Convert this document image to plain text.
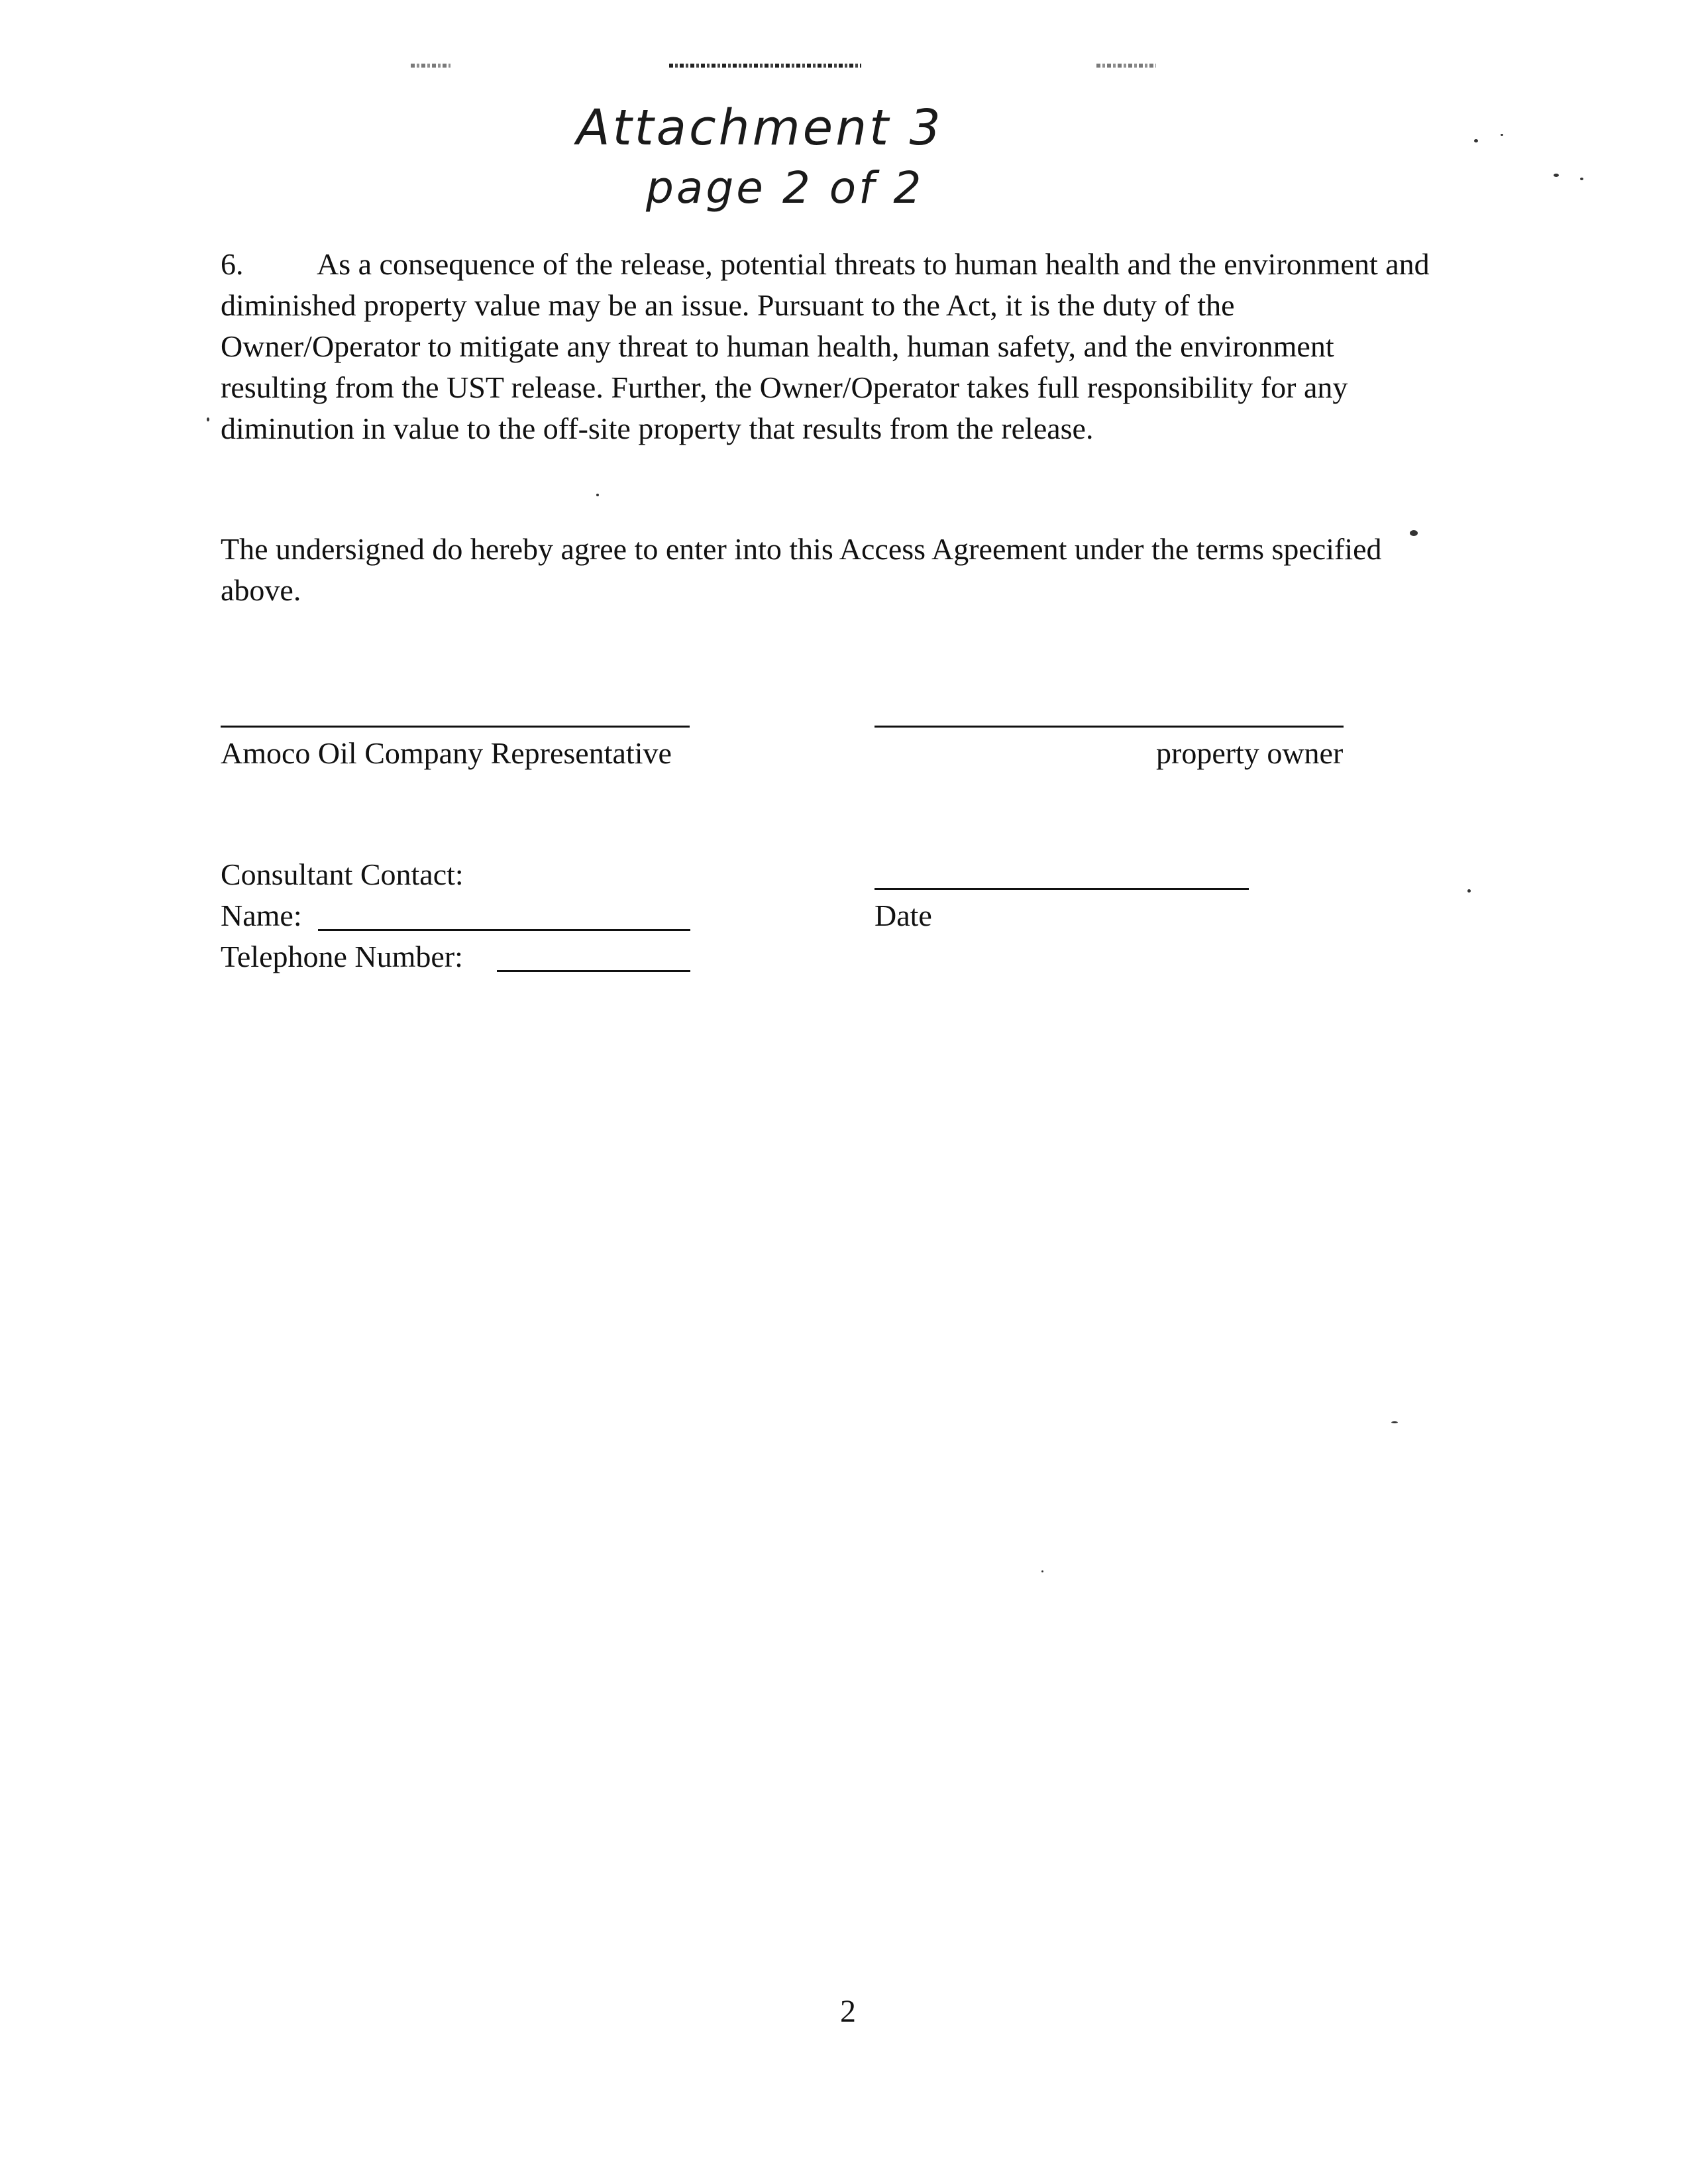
Attachment 3
page 2 of 2
6. As a consequence of the release, potential threats to human health and the environment and diminished property value may be an issue. Pursuant to the Act, it is the duty of the Owner/Operator to mitigate any threat to human health, human safety, and the environment resulting from the UST release. Further, the Owner/Operator takes full responsibility for any diminution in value to the off-site property that results from the release.
The undersigned do hereby agree to enter into this Access Agreement under the terms specified above.
Amoco Oil Company Representative	property owner
Consultant Contact:
Name:
Telephone Number:
Date
2
